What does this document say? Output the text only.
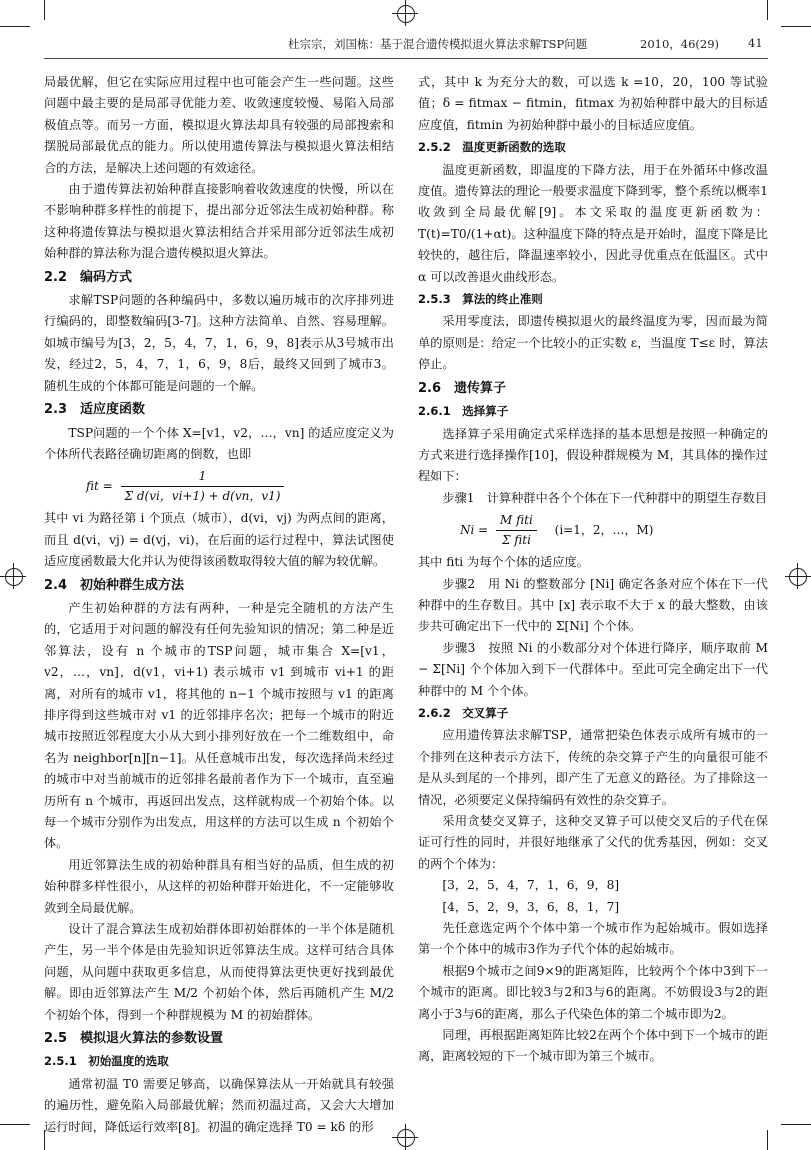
杜宗宗，刘国栋：基于混合遗传模拟退火算法求解TSP问题	2010，46(29)	41

局最优解，但它在实际应用过程中也可能会产生一些问题。这些问题中最主要的是局部寻优能力差、收敛速度较慢、易陷入局部极值点等。而另一方面，模拟退火算法却具有较强的局部搜索和摆脱局部最优点的能力。所以使用遗传算法与模拟退火算法相结合的方法，是解决上述问题的有效途径。

由于遗传算法初始种群直接影响着收敛速度的快慢，所以在不影响种群多样性的前提下，提出部分近邻法生成初始种群。称这种将遗传算法与模拟退火算法相结合并采用部分近邻法生成初始种群的算法称为混合遗传模拟退火算法。

2.2　编码方式

求解TSP问题的各种编码中，多数以遍历城市的次序排列进行编码的，即整数编码[3-7]。这种方法简单、自然、容易理解。如城市编号为[3，2，5，4，7，1，6，9，8]表示从3号城市出发，经过2，5，4，7，1，6，9，8后，最终又回到了城市3。随机生成的个体都可能是问题的一个解。

2.3　适应度函数

TSP问题的一个个体 X=[v1，v2，…，vn] 的适应度定义为个体所代表路径确切距离的倒数，也即

fit = $\frac{1}{\text{Σ d(vi，vi+1) + d(vn，v1)}}$

其中 vi 为路径第 i 个顶点（城市），d(vi，vj) 为两点间的距离，而且 d(vi，vj) = d(vj，vi)，在后面的运行过程中，算法试图使适应度函数最大化并认为使得该函数取得较大值的解为较优解。

2.4　初始种群生成方法

产生初始种群的方法有两种，一种是完全随机的方法产生的，它适用于对问题的解没有任何先验知识的情况；第二种是近邻算法，设有 n 个城市的TSP问题，城市集合 X=[v1，v2，…，vn]，d(v1，vi+1) 表示城市 v1 到城市 vi+1 的距离，对所有的城市 v1，将其他的 n−1 个城市按照与 v1 的距离排序得到这些城市对 v1 的近邻排序名次；把每一个城市的附近城市按照近邻程度大小从大到小排列好放在一个二维数组中，命名为 neighbor[n][n−1]。从任意城市出发，每次选择尚未经过的城市中对当前城市的近邻排名最前者作为下一个城市，直至遍历所有 n 个城市，再返回出发点，这样就构成一个初始个体。以每一个城市分别作为出发点，用这样的方法可以生成 n 个初始个体。

用近邻算法生成的初始种群具有相当好的品质，但生成的初始种群多样性很小，从这样的初始种群开始进化，不一定能够收敛到全局最优解。

设计了混合算法生成初始群体即初始群体的一半个体是随机产生，另一半个体是由先验知识近邻算法生成。这样可结合具体问题，从问题中获取更多信息，从而使得算法更快更好找到最优解。即由近邻算法产生 M/2 个初始个体，然后再随机产生 M/2 个初始个体，得到一个种群规模为 M 的初始群体。

2.5　模拟退火算法的参数设置
2.5.1　初始温度的选取

通常初温 T0 需要足够高，以确保算法从一开始就具有较强的遍历性，避免陷入局部最优解；然而初温过高，又会大大增加运行时间，降低运行效率[8]。初温的确定选择 T0 = kδ 的形

式，其中 k 为充分大的数，可以选 k =10，20，100 等试验值；δ = fitmax − fitmin，fitmax 为初始种群中最大的目标适应度值，fitmin 为初始种群中最小的目标适应度值。

2.5.2　温度更新函数的选取

温度更新函数，即温度的下降方法，用于在外循环中修改温度值。遗传算法的理论一般要求温度下降到零，整个系统以概率1收敛到全局最优解[9]。本文采取的温度更新函数为：T(t)=T0/(1+αt)。这种温度下降的特点是开始时，温度下降是比较快的，越往后，降温速率较小，因此寻优重点在低温区。式中 α 可以改善退火曲线形态。

2.5.3　算法的终止准则

采用零度法，即遗传模拟退火的最终温度为零，因而最为简单的原则是：给定一个比较小的正实数 ε，当温度 T≤ε 时，算法停止。

2.6　遗传算子
2.6.1　选择算子

选择算子采用确定式采样选择的基本思想是按照一种确定的方式来进行选择操作[10]，假设种群规模为 M，其具体的操作过程如下：

步骤1　计算种群中各个个体在下一代种群中的期望生存数目

$Ni = \frac{\text{M fiti}}{\text{Σ fiti}} (i=1$，2，…，M)

其中 fiti 为每个个体的适应度。

步骤2　用 Ni 的整数部分 [Ni] 确定各条对应个体在下一代种群中的生存数目。其中 [x] 表示取不大于 x 的最大整数，由该步共可确定出下一代中的 Σ[Ni] 个个体。

步骤3　按照 Ni 的小数部分对个体进行降序，顺序取前 M − Σ[Ni] 个个体加入到下一代群体中。至此可完全确定出下一代种群中的 M 个个体。

2.6.2　交叉算子

应用遗传算法求解TSP，通常把染色体表示成所有城市的一个排列在这种表示方法下，传统的杂交算子产生的向量很可能不是从头到尾的一个排列，即产生了无意义的路径。为了排除这一情况，必须要定义保持编码有效性的杂交算子。

采用贪婪交叉算子，这种交叉算子可以使交叉后的子代在保证可行性的同时，并很好地继承了父代的优秀基因，例如：交叉的两个个体为：

[3，2，5，4，7，1，6，9，8]

[4，5，2，9，3，6，8，1，7]

先任意选定两个个体中第一个城市作为起始城市。假如选择第一个个体中的城市3作为子代个体的起始城市。

根据9个城市之间9×9的距离矩阵，比较两个个体中3到下一个城市的距离。即比较3与2和3与6的距离。不妨假设3与2的距离小于3与6的距离，那么子代染色体的第二个城市即为2。

同理，再根据距离矩阵比较2在两个个体中到下一个城市的距离，距离较短的下一个城市即为第三个城市。
